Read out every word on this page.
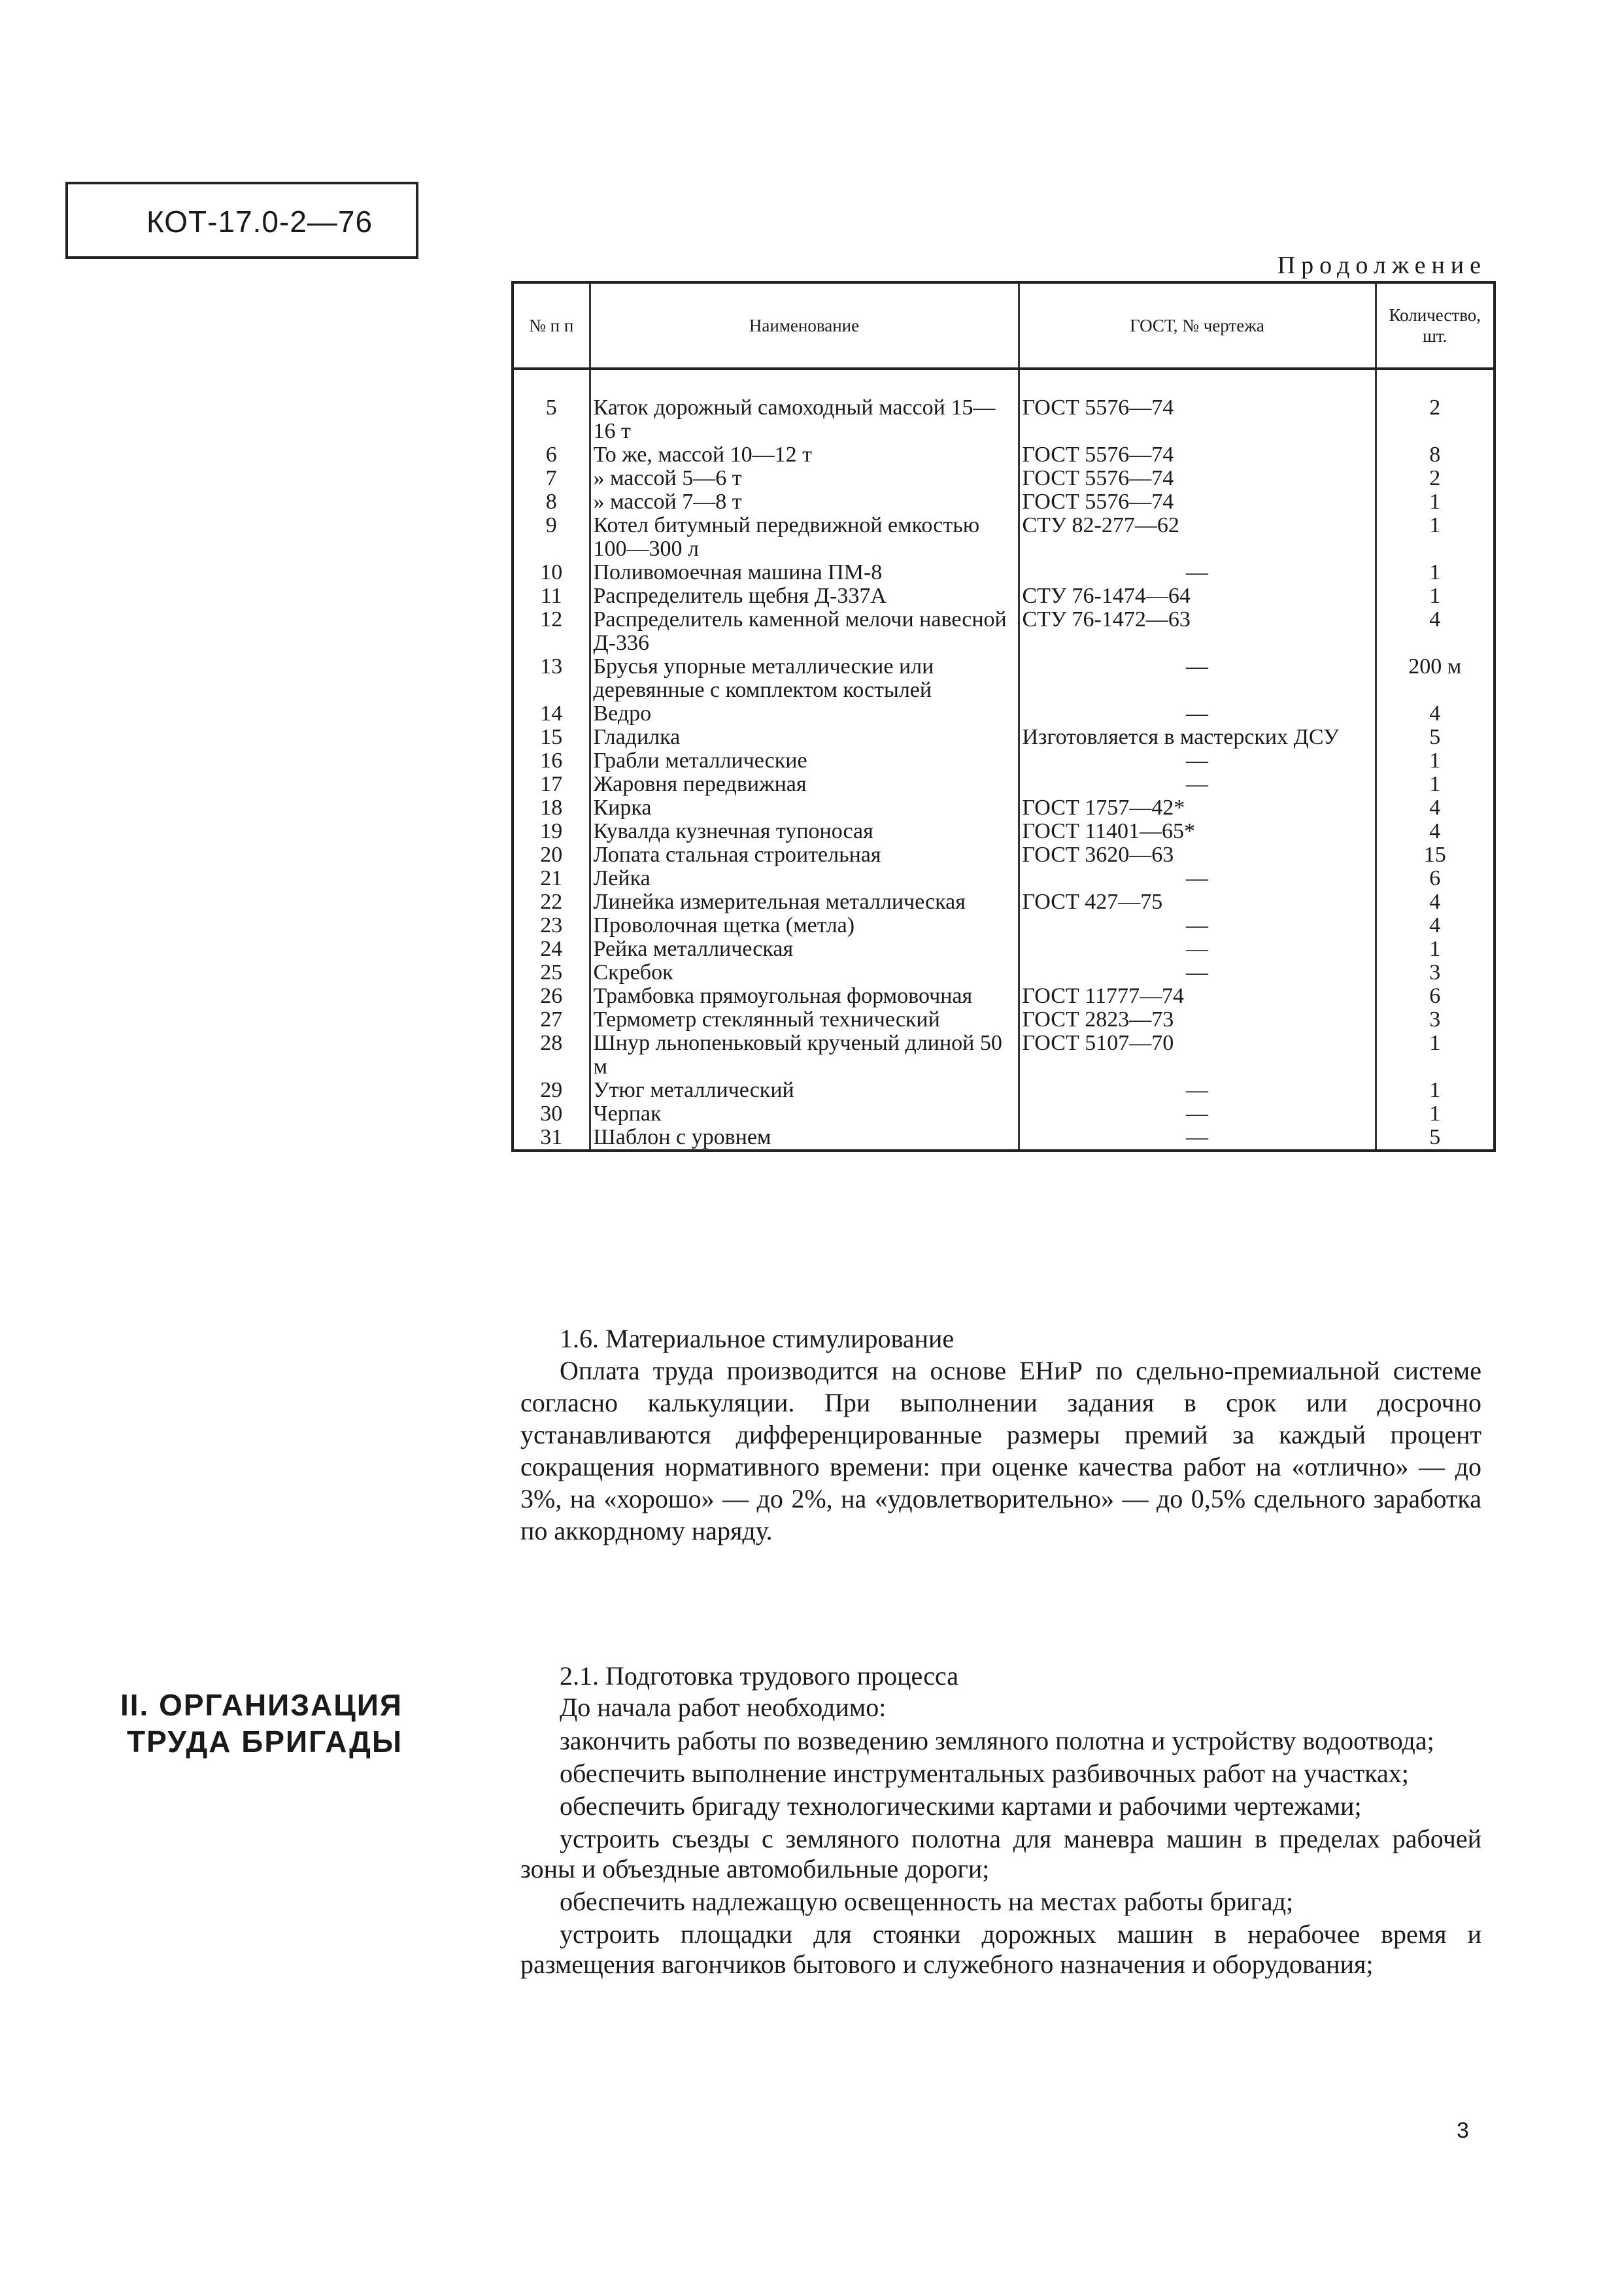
КОТ-17.0-2—76
Продолжение
№ п п	Наименование	ГОСТ, № чертежа	Количество, шт.
5	Каток дорожный самоходный массой 15—16 т	ГОСТ 5576—74	2
6	То же, массой 10—12 т	ГОСТ 5576—74	8
7	» массой 5—6 т	ГОСТ 5576—74	2
8	» массой 7—8 т	ГОСТ 5576—74	1
9	Котел битумный передвижной емкостью 100—300 л	СТУ 82-277—62	1
10	Поливомоечная машина ПМ-8	—	1
11	Распределитель щебня Д-337А	СТУ 76-1474—64	1
12	Распределитель каменной мелочи навесной Д-336	СТУ 76-1472—63	4
13	Брусья упорные металлические или деревянные с комплектом костылей	—	200 м
14	Ведро	—	4
15	Гладилка	Изготовляется в мастерских ДСУ	5
16	Грабли металлические	—	1
17	Жаровня передвижная	—	1
18	Кирка	ГОСТ 1757—42*	4
19	Кувалда кузнечная тупоносая	ГОСТ 11401—65*	4
20	Лопата стальная строительная	ГОСТ 3620—63	15
21	Лейка	—	6
22	Линейка измерительная металлическая	ГОСТ 427—75	4
23	Проволочная щетка (метла)	—	4
24	Рейка металлическая	—	1
25	Скребок	—	3
26	Трамбовка прямоугольная формовочная	ГОСТ 11777—74	6
27	Термометр стеклянный технический	ГОСТ 2823—73	3
28	Шнур льнопеньковый крученый длиной 50 м	ГОСТ 5107—70	1
29	Утюг металлический	—	1
30	Черпак	—	1
31	Шаблон с уровнем	—	5
1.6. Материальное стимулирование

Оплата труда производится на основе ЕНиР по сдельно-премиальной системе согласно калькуляции. При выполнении задания в срок или досрочно устанавливаются дифференцированные размеры премий за каждый процент сокращения нормативного времени: при оценке качества работ на «отлично» — до 3%, на «хорошо» — до 2%, на «удовлетворительно» — до 0,5% сдельного заработка по аккордному наряду.

II. ОРГАНИЗАЦИЯ
ТРУДА БРИГАДЫ
2.1. Подготовка трудового процесса
До начала работ необходимо:

закончить работы по возведению земляного полотна и устройству водоотвода;

обеспечить выполнение инструментальных разбивочных работ на участках;

обеспечить бригаду технологическими картами и рабочими чертежами;

устроить съезды с земляного полотна для маневра машин в пределах рабочей зоны и объездные автомобильные дороги;

обеспечить надлежащую освещенность на местах работы бригад;

устроить площадки для стоянки дорожных машин в нерабочее время и размещения вагончиков бытового и служебного назначения и оборудования;

3
